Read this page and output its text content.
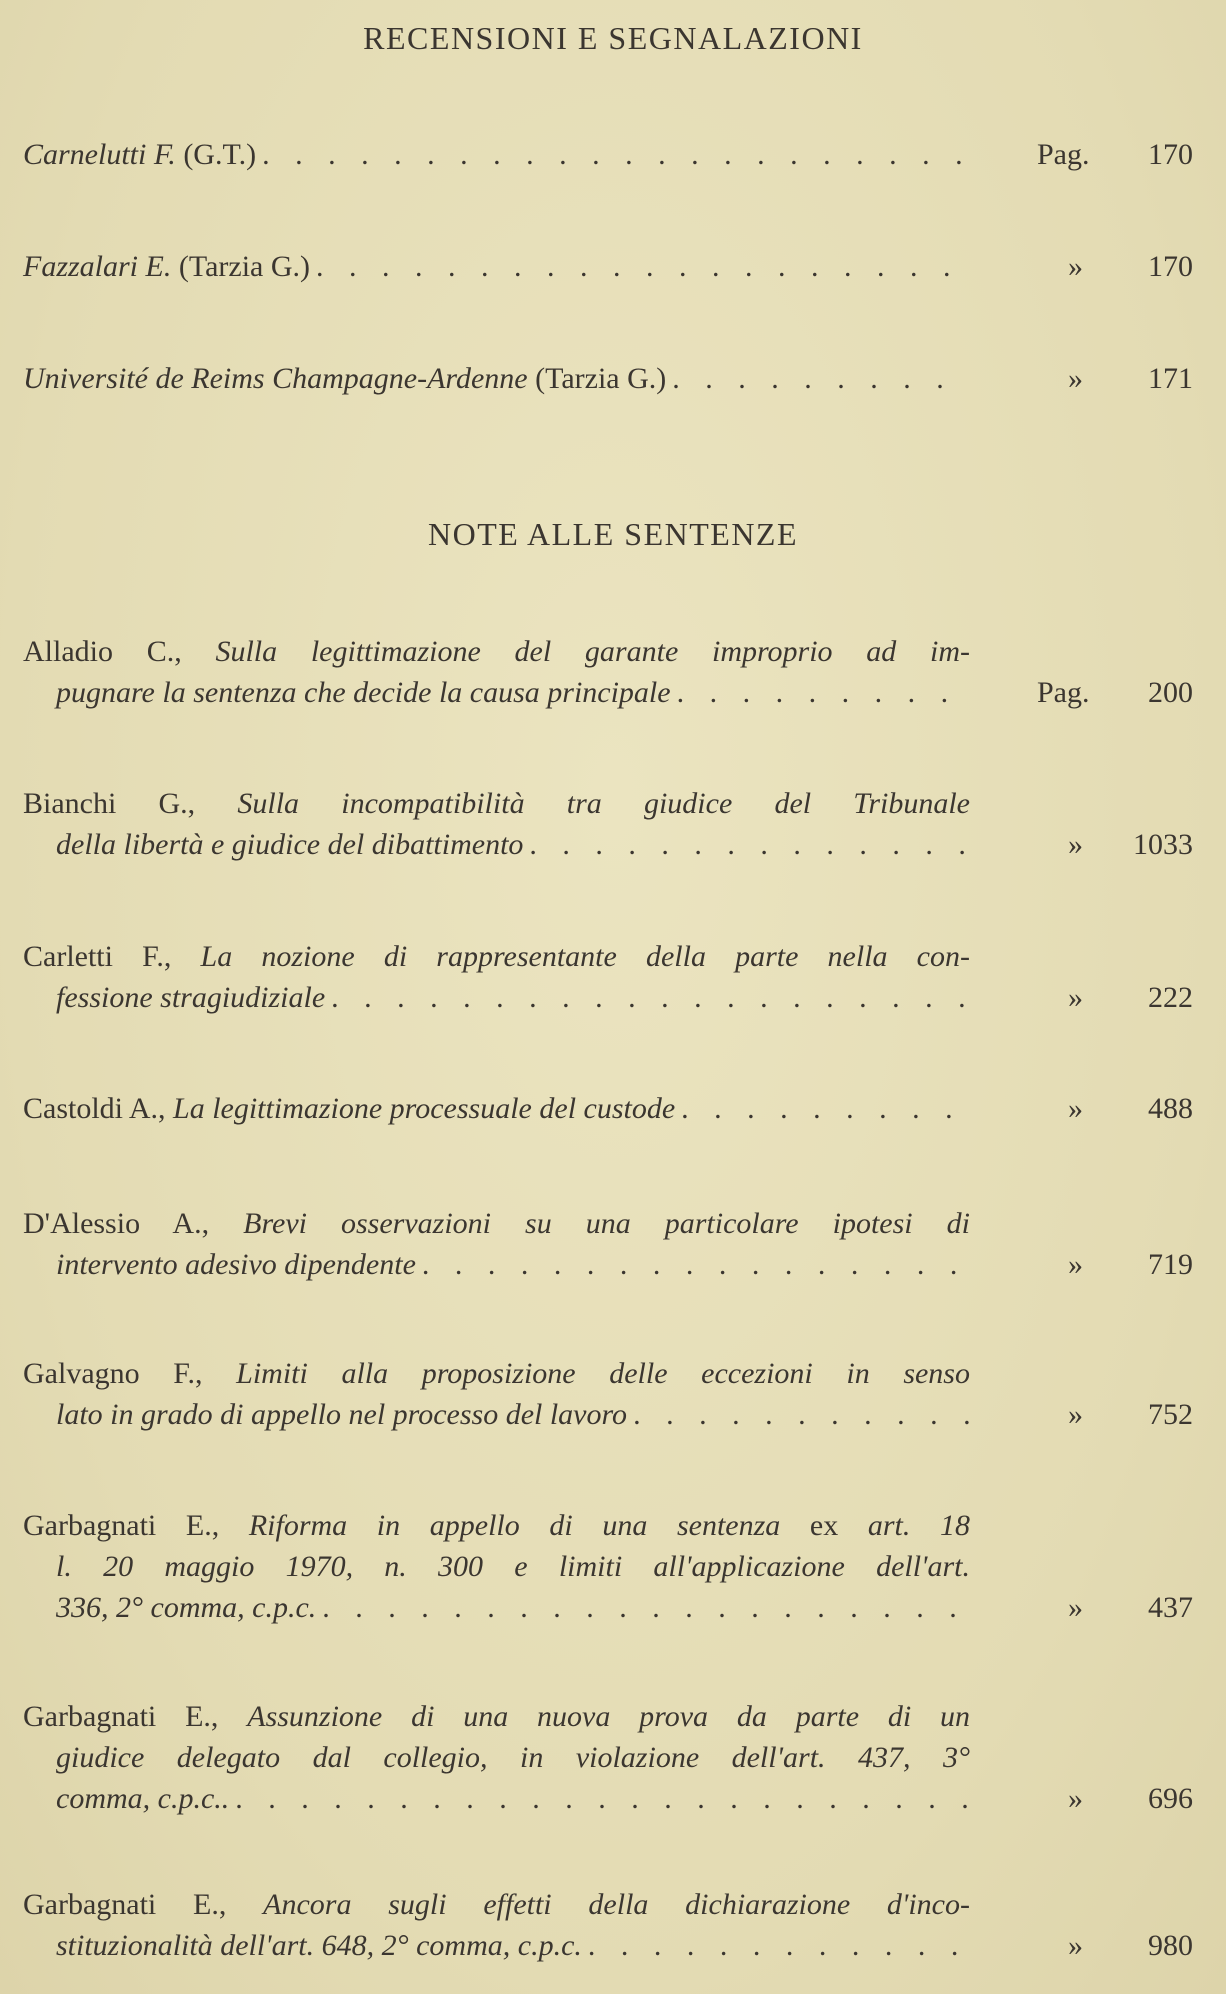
RECENSIONI E SEGNALAZIONI
Pag. 170
Carnelutti F. (G.T.)
. . .
» 170
Fazzalari E. (Tarzia G.)
. . .
» 171
Université de Reims Champagne-Ardenne (Tarzia G.)
. . .
NOTE ALLE SENTENZE
Alladio C., Sulla legittimazione del garante improprio ad im-
Pag. 200
pugnare la sentenza che decide la causa principale
. . .
Bianchi G., Sulla incompatibilità tra giudice del Tribunale
» 1033
della libertà e giudice del dibattimento
. . .
Carletti F., La nozione di rappresentante della parte nella con-
» 222
fessione stragiudiziale
. . .
» 488
Castoldi A., La legittimazione processuale del custode
. . .
D'Alessio A., Brevi osservazioni su una particolare ipotesi di
» 719
intervento adesivo dipendente
. . .
Galvagno F., Limiti alla proposizione delle eccezioni in senso
» 752
lato in grado di appello nel processo del lavoro
. . .
Garbagnati E., Riforma in appello di una sentenza ex art. 18
l. 20 maggio 1970, n. 300 e limiti all'applicazione dell'art.
» 437
336, 2° comma, c.p.c.
. . .
Garbagnati E., Assunzione di una nuova prova da parte di un
giudice delegato dal collegio, in violazione dell'art. 437, 3°
» 696
comma, c.p.c..
. . .
Garbagnati E., Ancora sugli effetti della dichiarazione d'inco-
» 980
stituzionalità dell'art. 648, 2° comma, c.p.c.
. . .
